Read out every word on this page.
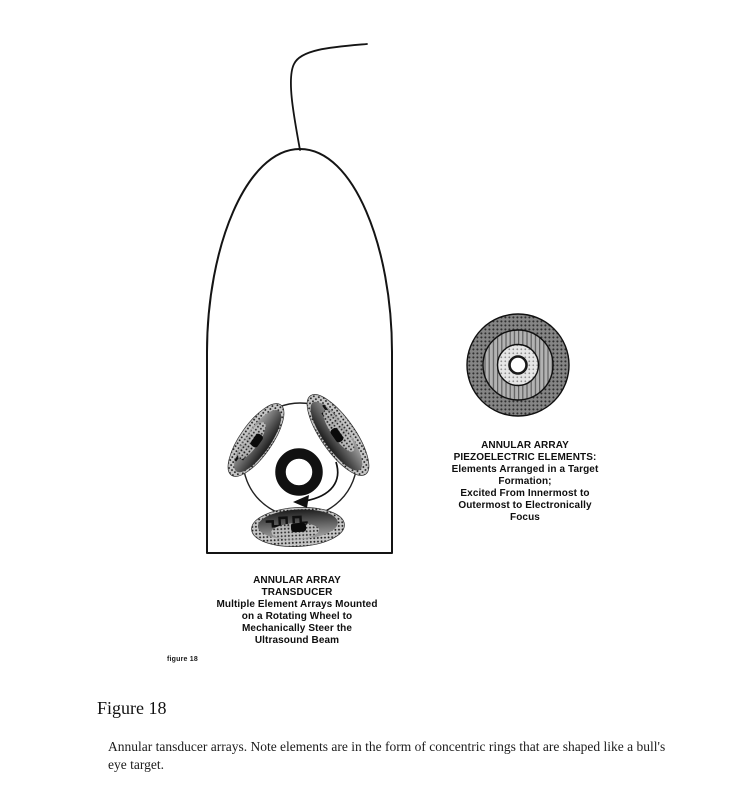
ANNULAR ARRAY
PIEZOELECTRIC ELEMENTS:
Elements Arranged in a Target
Formation;
Excited From Innermost to
Outermost to Electronically
Focus
ANNULAR ARRAY
TRANSDUCER
Multiple Element Arrays Mounted
on a Rotating Wheel to
Mechanically Steer the
Ultrasound Beam
figure 18
Figure 18
Annular tansducer arrays. Note elements are in the form of concentric rings that are shaped like a bull's eye target.
